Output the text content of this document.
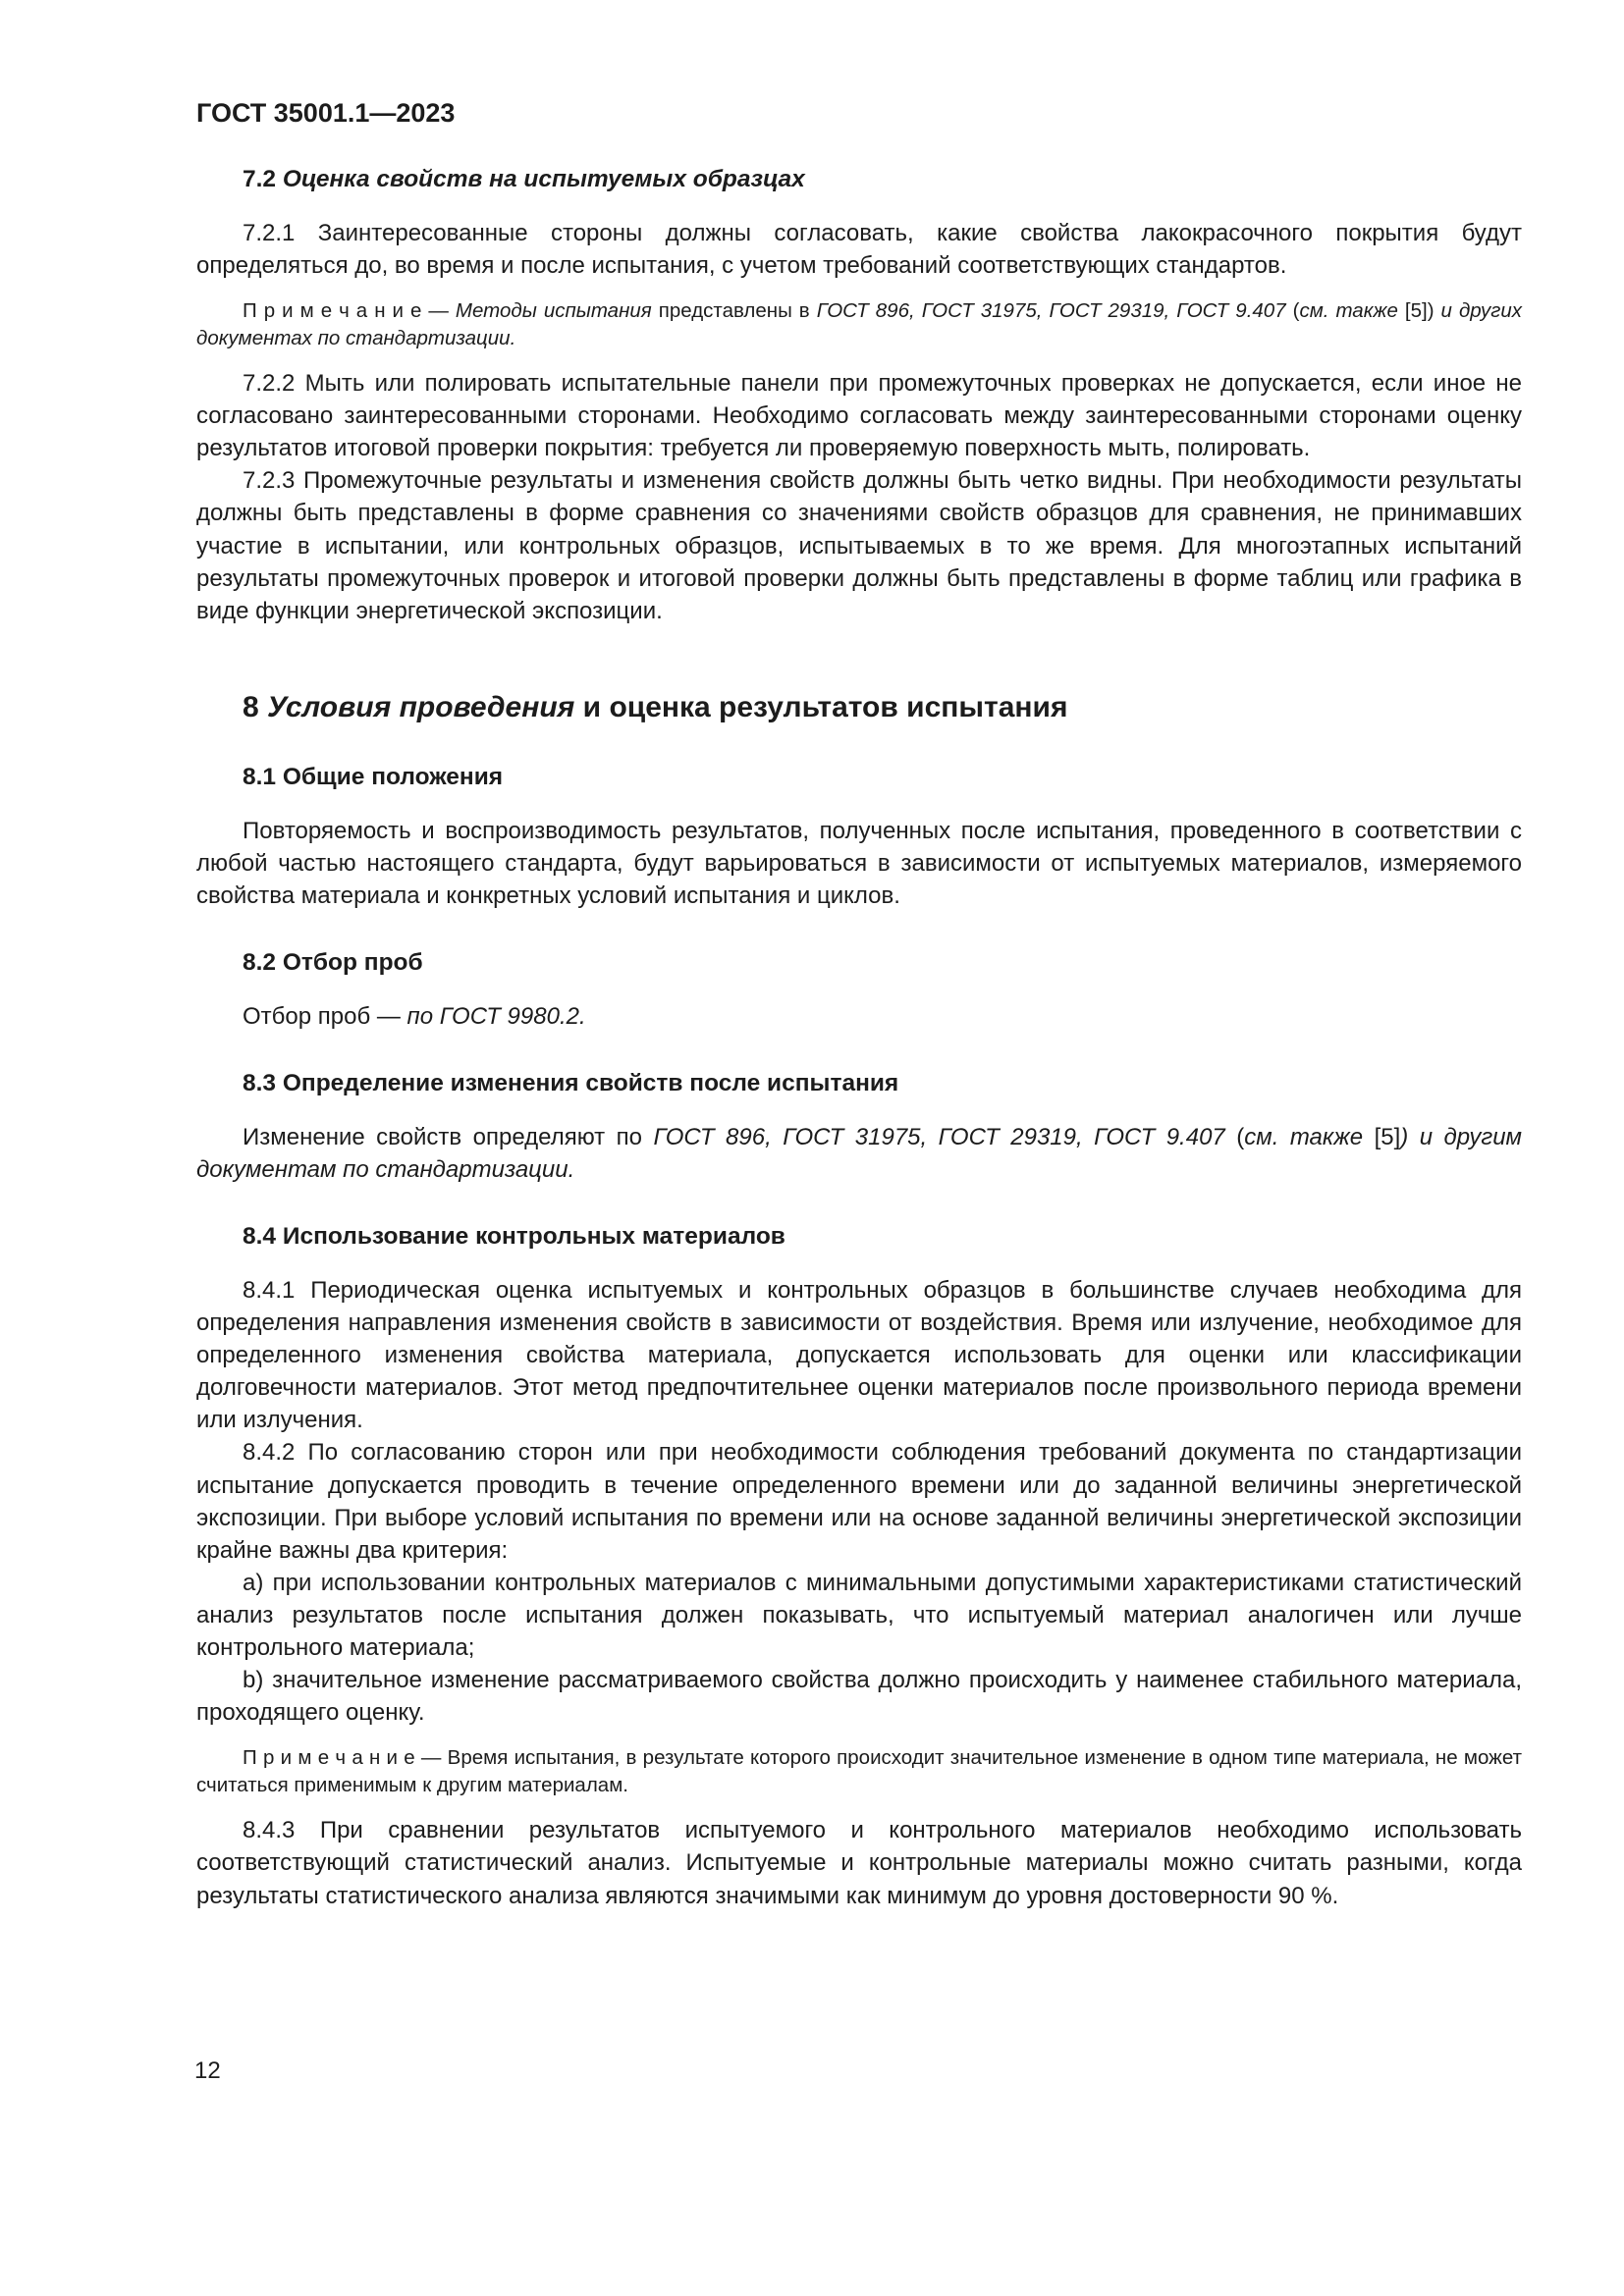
ГОСТ 35001.1—2023
7.2 Оценка свойств на испытуемых образцах

7.2.1 Заинтересованные стороны должны согласовать, какие свойства лакокрасочного покрытия будут определяться до, во время и после испытания, с учетом требований соответствующих стандартов.

П р и м е ч а н и е — Методы испытания представлены в ГОСТ 896, ГОСТ 31975, ГОСТ 29319, ГОСТ 9.407 (см. также [5]) и других документах по стандартизации.

7.2.2 Мыть или полировать испытательные панели при промежуточных проверках не допускается, если иное не согласовано заинтересованными сторонами. Необходимо согласовать между заинтересованными сторонами оценку результатов итоговой проверки покрытия: требуется ли проверяемую поверхность мыть, полировать.

7.2.3 Промежуточные результаты и изменения свойств должны быть четко видны. При необходимости результаты должны быть представлены в форме сравнения со значениями свойств образцов для сравнения, не принимавших участие в испытании, или контрольных образцов, испытываемых в то же время. Для многоэтапных испытаний результаты промежуточных проверок и итоговой проверки должны быть представлены в форме таблиц или графика в виде функции энергетической экспозиции.

8 Условия проведения и оценка результатов испытания
8.1 Общие положения

Повторяемость и воспроизводимость результатов, полученных после испытания, проведенного в соответствии с любой частью настоящего стандарта, будут варьироваться в зависимости от испытуемых материалов, измеряемого свойства материала и конкретных условий испытания и циклов.

8.2 Отбор проб

Отбор проб — по ГОСТ 9980.2.

8.3 Определение изменения свойств после испытания

Изменение свойств определяют по ГОСТ 896, ГОСТ 31975, ГОСТ 29319, ГОСТ 9.407 (см. также [5]) и другим документам по стандартизации.

8.4 Использование контрольных материалов

8.4.1 Периодическая оценка испытуемых и контрольных образцов в большинстве случаев необходима для определения направления изменения свойств в зависимости от воздействия. Время или излучение, необходимое для определенного изменения свойства материала, допускается использовать для оценки или классификации долговечности материалов. Этот метод предпочтительнее оценки материалов после произвольного периода времени или излучения.

8.4.2 По согласованию сторон или при необходимости соблюдения требований документа по стандартизации испытание допускается проводить в течение определенного времени или до заданной величины энергетической экспозиции. При выборе условий испытания по времени или на основе заданной величины энергетической экспозиции крайне важны два критерия:

a) при использовании контрольных материалов с минимальными допустимыми характеристиками статистический анализ результатов после испытания должен показывать, что испытуемый материал аналогичен или лучше контрольного материала;

b) значительное изменение рассматриваемого свойства должно происходить у наименее стабильного материала, проходящего оценку.

П р и м е ч а н и е — Время испытания, в результате которого происходит значительное изменение в одном типе материала, не может считаться применимым к другим материалам.

8.4.3 При сравнении результатов испытуемого и контрольного материалов необходимо использовать соответствующий статистический анализ. Испытуемые и контрольные материалы можно считать разными, когда результаты статистического анализа являются значимыми как минимум до уровня достоверности 90 %.

12
